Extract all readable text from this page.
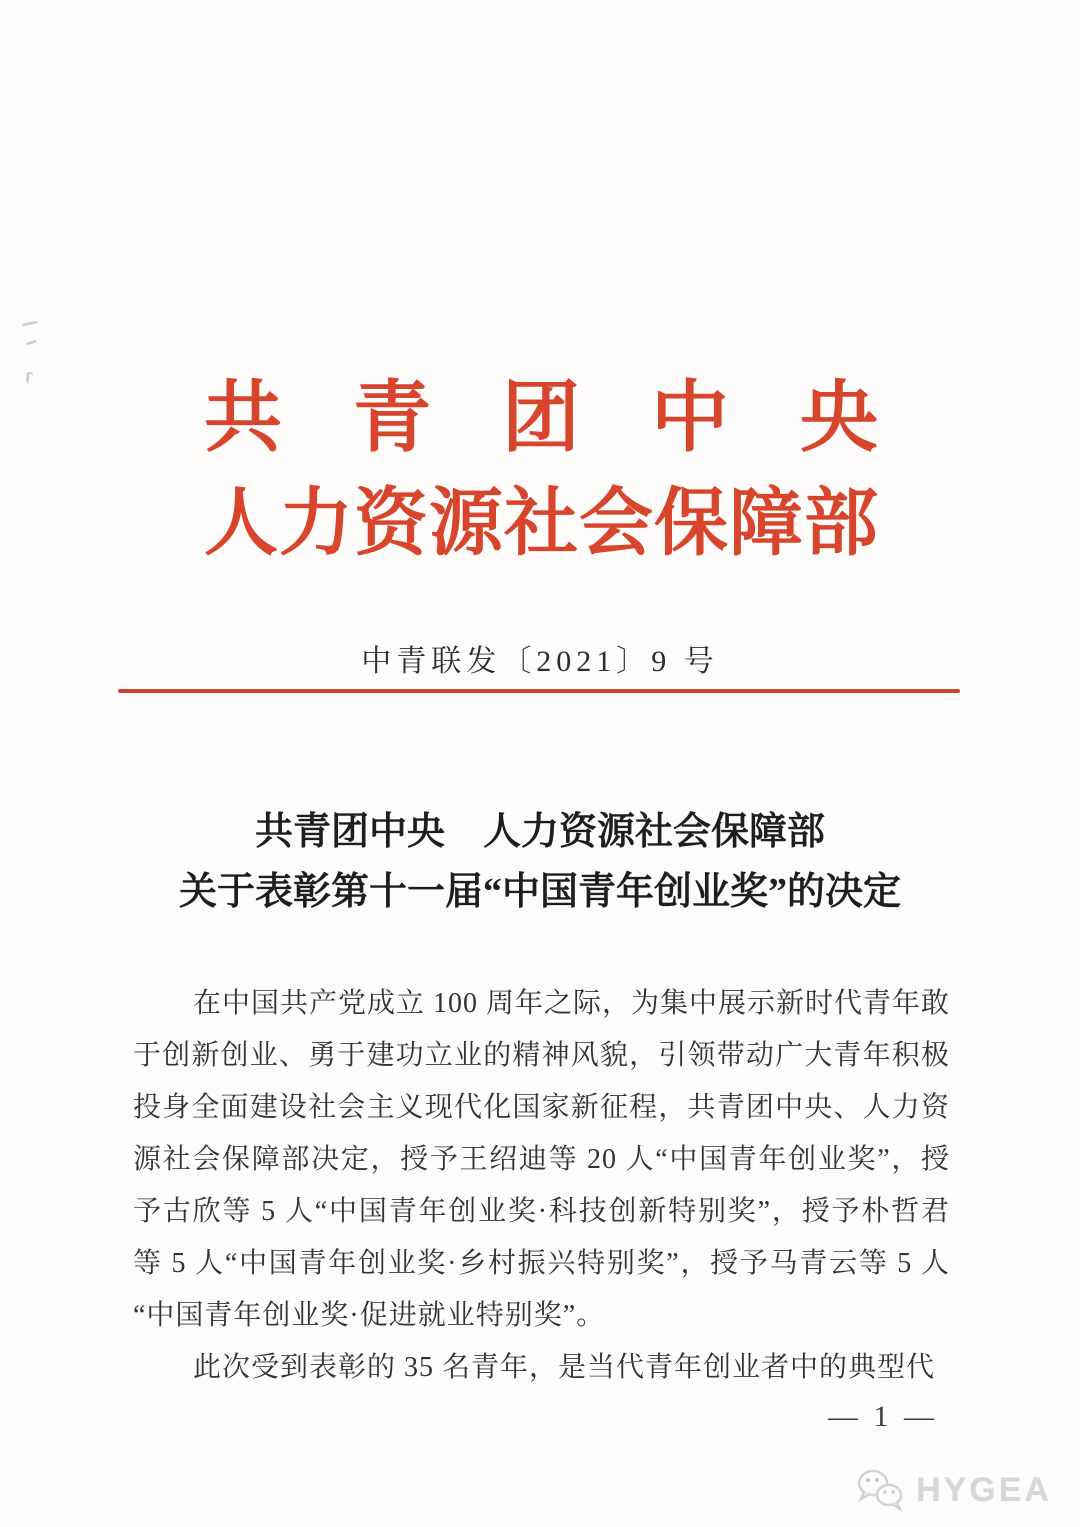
共青团中央
人力资源社会保障部
中青联发〔2021〕9 号
共青团中央　人力资源社会保障部
关于表彰第十一届“中国青年创业奖”的决定
在中国共产党成立 100 周年之际，为集中展示新时代青年敢
于创新创业、勇于建功立业的精神风貌，引领带动广大青年积极
投身全面建设社会主义现代化国家新征程，共青团中央、人力资
源社会保障部决定，授予王绍迪等 20 人“中国青年创业奖”，授
予古欣等 5 人“中国青年创业奖·科技创新特别奖”，授予朴哲君
等 5 人“中国青年创业奖·乡村振兴特别奖”，授予马青云等 5 人
“中国青年创业奖·促进就业特别奖”。
此次受到表彰的 35 名青年，是当代青年创业者中的典型代
— 1 —
HYGEA
